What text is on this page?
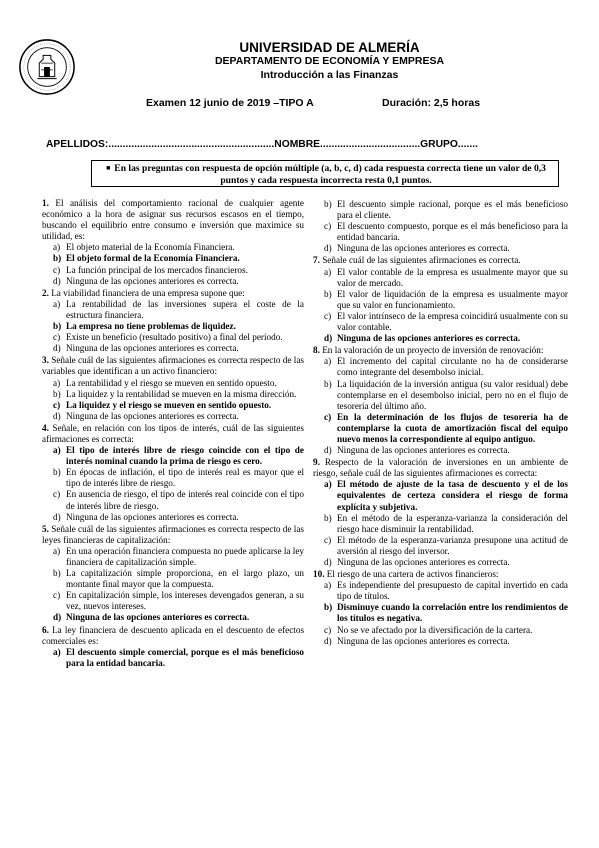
UNIVERSIDAD DE ALMERÍA
DEPARTAMENTO DE ECONOMÍA Y EMPRESA
Introducción a las Finanzas
Examen 12 junio de 2019 –TIPO A	Duración: 2,5 horas
APELLIDOS:..........................................................NOMBRE...................................GRUPO.......
■ En las preguntas con respuesta de opción múltiple (a, b, c, d) cada respuesta correcta tiene un valor de 0,3 puntos y cada respuesta incorrecta resta 0,1 puntos.

1. El análisis del comportamiento racional de cualquier agente económico a la hora de asignar sus recursos escasos en el tiempo, buscando el equilibrio entre consumo e inversión que maximice su utilidad, es:

a) El objeto material de la Economía Financiera.
b) El objeto formal de la Economía Financiera.
c) La función principal de los mercados financieros.
d) Ninguna de las opciones anteriores es correcta.

2. La viabilidad financiera de una empresa supone que:

a) La rentabilidad de las inversiones supera el coste de la estructura financiera.
b) La empresa no tiene problemas de liquidez.
c) Existe un beneficio (resultado positivo) a final del período.
d) Ninguna de las opciones anteriores es correcta.

3. Señale cuál de las siguientes afirmaciones es correcta respecto de las variables que identifican a un activo financiero:

a) La rentabilidad y el riesgo se mueven en sentido opuesto.
b) La liquidez y la rentabilidad se mueven en la misma dirección.
c) La liquidez y el riesgo se mueven en sentido opuesto.
d) Ninguna de las opciones anteriores es correcta.

4. Señale, en relación con los tipos de interés, cuál de las siguientes afirmaciones es correcta:

a) El tipo de interés libre de riesgo coincide con el tipo de interés nominal cuando la prima de riesgo es cero.
b) En épocas de inflación, el tipo de interés real es mayor que el tipo de interés libre de riesgo.
c) En ausencia de riesgo, el tipo de interés real coincide con el tipo de interés libre de riesgo.
d) Ninguna de las opciones anteriores es correcta.

5. Señale cuál de las siguientes afirmaciones es correcta respecto de las leyes financieras de capitalización:

a) En una operación financiera compuesta no puede aplicarse la ley financiera de capitalización simple.
b) La capitalización simple proporciona, en el largo plazo, un montante final mayor que la compuesta.
c) En capitalización simple, los intereses devengados generan, a su vez, nuevos intereses.
d) Ninguna de las opciones anteriores es correcta.

6. La ley financiera de descuento aplicada en el descuento de efectos comerciales es:

a) El descuento simple comercial, porque es el más beneficioso para la entidad bancaria.
b) El descuento simple racional, porque es el más beneficioso para el cliente.
c) El descuento compuesto, porque es el más beneficioso para la entidad bancaria.
d) Ninguna de las opciones anteriores es correcta.

7. Señale cuál de las siguientes afirmaciones es correcta.

a) El valor contable de la empresa es usualmente mayor que su valor de mercado.
b) El valor de liquidación de la empresa es usualmente mayor que su valor en funcionamiento.
c) El valor intrínseco de la empresa coincidirá usualmente con su valor contable.
d) Ninguna de las opciones anteriores es correcta.

8. En la valoración de un proyecto de inversión de renovación:

a) El incremento del capital circulante no ha de considerarse como integrante del desembolso inicial.
b) La liquidación de la inversión antigua (su valor residual) debe contemplarse en el desembolso inicial, pero no en el flujo de tesorería del último año.
c) En la determinación de los flujos de tesorería ha de contemplarse la cuota de amortización fiscal del equipo nuevo menos la correspondiente al equipo antiguo.
d) Ninguna de las opciones anteriores es correcta.

9. Respecto de la valoración de inversiones en un ambiente de riesgo, señale cuál de las siguientes afirmaciones es correcta:

a) El método de ajuste de la tasa de descuento y el de los equivalentes de certeza considera el riesgo de forma explícita y subjetiva.
b) En el método de la esperanza-varianza la consideración del riesgo hace disminuir la rentabilidad.
c) El método de la esperanza-varianza presupone una actitud de aversión al riesgo del inversor.
d) Ninguna de las opciones anteriores es correcta.

10. El riesgo de una cartera de activos financieros:

a) Es independiente del presupuesto de capital invertido en cada tipo de títulos.
b) Disminuye cuando la correlación entre los rendimientos de los títulos es negativa.
c) No se ve afectado por la diversificación de la cartera.
d) Ninguna de las opciones anteriores es correcta.
